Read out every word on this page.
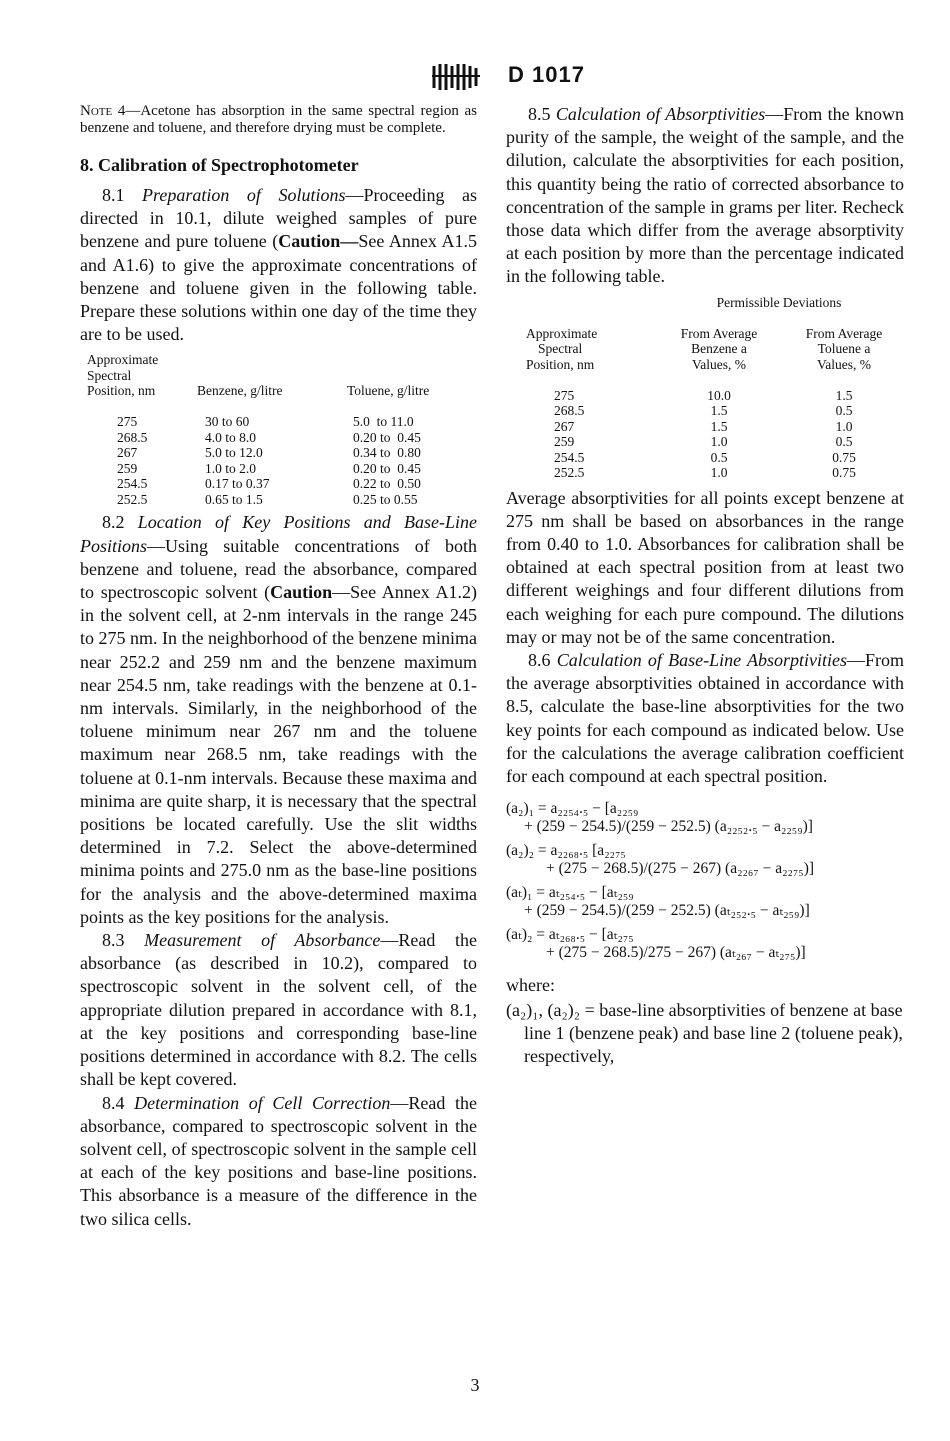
D 1017

Note 4—Acetone has absorption in the same spectral region as benzene and toluene, and therefore drying must be complete.

8. Calibration of Spectrophotometer

8.1 Preparation of Solutions—Proceeding as directed in 10.1, dilute weighed samples of pure benzene and pure toluene (Caution—See Annex A1.5 and A1.6) to give the approximate concentrations of benzene and toluene given in the following table. Prepare these solutions within one day of the time they are to be used.

Approximate		
Spectral		
Position, nm	Benzene, g/litre	Toluene, g/litre

275	30 to 60	5.0  to 11.0
268.5	4.0 to 8.0	0.20 to  0.45
267	5.0 to 12.0	0.34 to  0.80
259	1.0 to 2.0	0.20 to  0.45
254.5	0.17 to 0.37	0.22 to  0.50
252.5	0.65 to 1.5	0.25 to 0.55

8.2 Location of Key Positions and Base-Line Positions—Using suitable concentrations of both benzene and toluene, read the absorbance, compared to spectroscopic solvent (Caution—See Annex A1.2) in the solvent cell, at 2-nm intervals in the range 245 to 275 nm. In the neighborhood of the benzene minima near 252.2 and 259 nm and the benzene maximum near 254.5 nm, take readings with the benzene at 0.1-nm intervals. Similarly, in the neighborhood of the toluene minimum near 267 nm and the toluene maximum near 268.5 nm, take readings with the toluene at 0.1-nm intervals. Because these maxima and minima are quite sharp, it is necessary that the spectral positions be located carefully. Use the slit widths determined in 7.2. Select the above-determined minima points and 275.0 nm as the base-line positions for the analysis and the above-determined maxima points as the key positions for the analysis.

8.3 Measurement of Absorbance—Read the absorbance (as described in 10.2), compared to spectroscopic solvent in the solvent cell, of the appropriate dilution prepared in accordance with 8.1, at the key positions and corresponding base-line positions determined in accordance with 8.2. The cells shall be kept covered.

8.4 Determination of Cell Correction—Read the absorbance, compared to spectroscopic solvent in the solvent cell, of spectroscopic solvent in the sample cell at each of the key positions and base-line positions. This absorbance is a measure of the difference in the two silica cells.

8.5 Calculation of Absorptivities—From the known purity of the sample, the weight of the sample, and the dilution, calculate the absorptivities for each position, this quantity being the ratio of corrected absorbance to concentration of the sample in grams per liter. Recheck those data which differ from the average absorptivity at each position by more than the percentage indicated in the following table.

	Permissible Deviations	

Approximate	From Average	From Average
Spectral	Benzene a	Toluene a
Position, nm	Values, %	Values, %

275	10.0	1.5
268.5	1.5	0.5
267	1.5	1.0
259	1.0	0.5
254.5	0.5	0.75
252.5	1.0	0.75

Average absorptivities for all points except benzene at 275 nm shall be based on absorbances in the range from 0.40 to 1.0. Absorbances for calibration shall be obtained at each spectral position from at least two different weighings and four different dilutions from each weighing for each pure compound. The dilutions may or may not be of the same concentration.

8.6 Calculation of Base-Line Absorptivities—From the average absorptivities obtained in accordance with 8.5, calculate the base-line absorptivities for the two key points for each compound as indicated below. Use for the calculations the average calibration coefficient for each compound at each spectral position.

(a₂)₁ = a₂₂₅₄.₅ − [a₂₂₅₉
+ (259 − 254.5)/(259 − 252.5) (a₂₂₅₂.₅ − a₂₂₅₉)]
(a₂)₂ = a₂₂₆₈.₅ [a₂₂₇₅
+ (275 − 268.5)/(275 − 267) (a₂₂₆₇ − a₂₂₇₅)]
(aₜ)₁ = aₜ₂₅₄.₅ − [aₜ₂₅₉
+ (259 − 254.5)/(259 − 252.5) (aₜ₂₅₂.₅ − aₜ₂₅₉)]
(aₜ)₂ = aₜ₂₆₈.₅ − [aₜ₂₇₅
+ (275 − 268.5)/275 − 267) (aₜ₂₆₇ − aₜ₂₇₅)]
where:
(a₂)₁, (a₂)₂ = base-line absorptivities of benzene at base line 1 (benzene peak) and base line 2 (toluene peak), respectively,
3
